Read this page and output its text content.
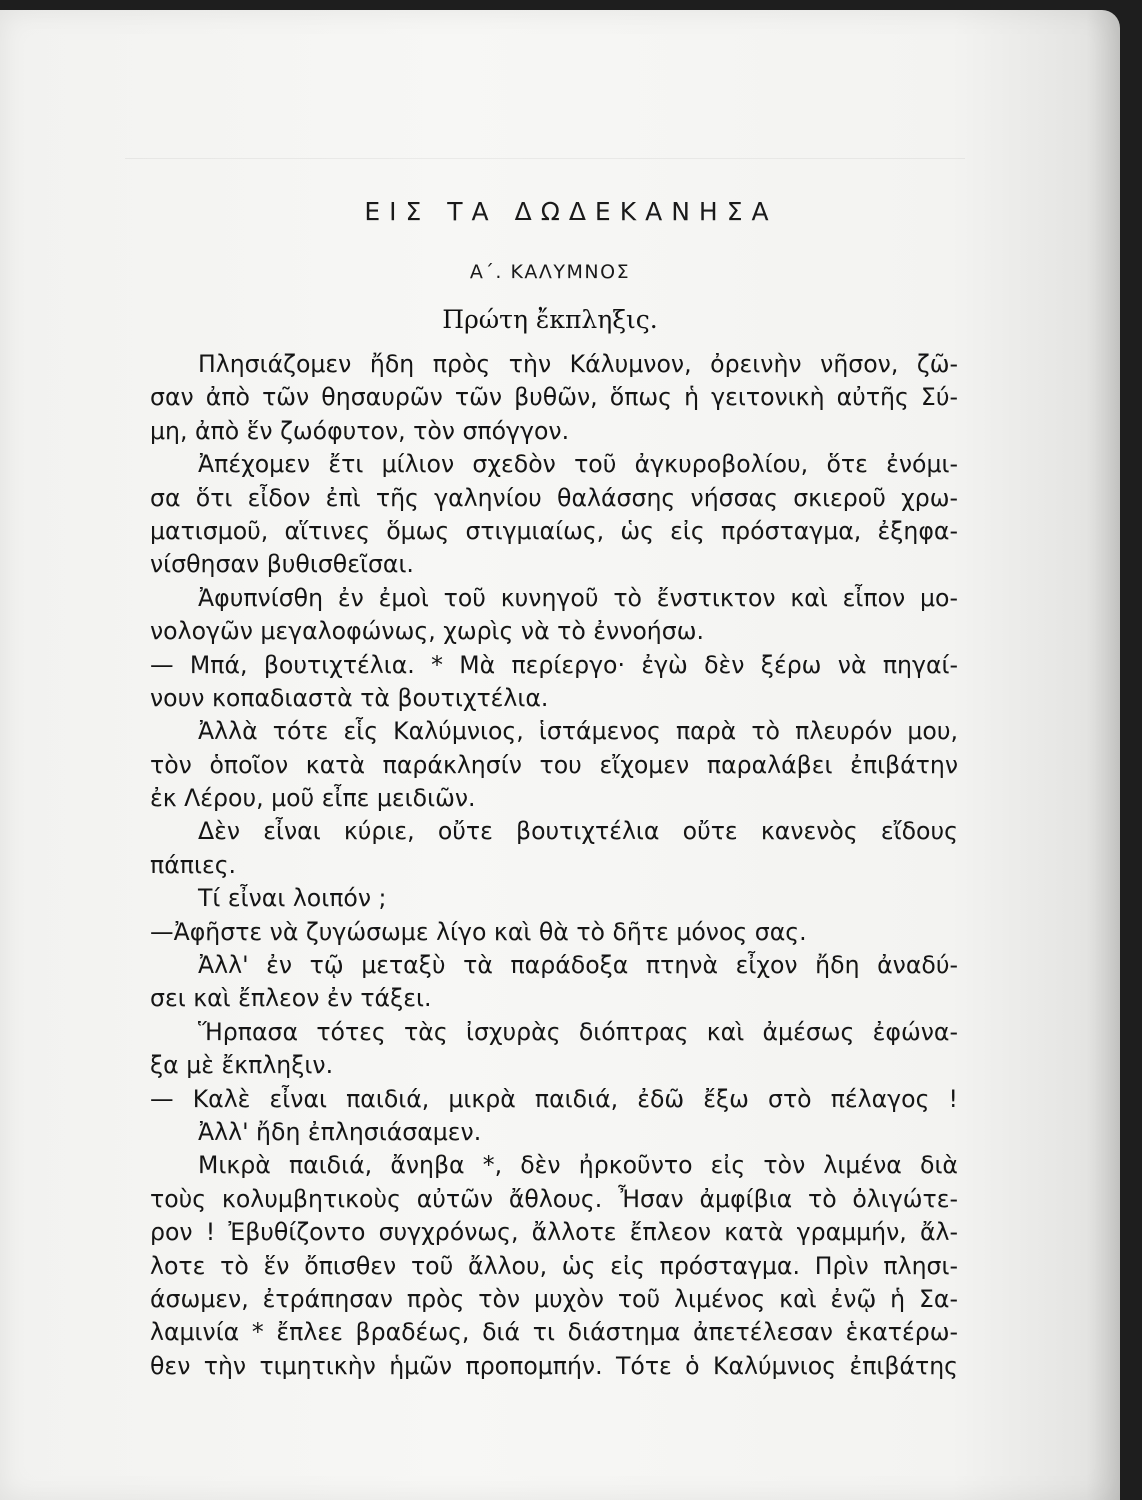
ΕΙΣ ΤΑ ΔΩΔΕΚΑΝΗΣΑ
Α΄. ΚΑΛΥΜΝΟΣ
Πρώτη ἔκπληξις.
Πλησιάζομεν ἤδη πρὸς τὴν Κάλυμνον, ὀρεινὴν νῆσον, ζῶ-
σαν ἀπὸ τῶν θησαυρῶν τῶν βυθῶν, ὅπως ἡ γειτονικὴ αὐτῆς Σύ-
μη, ἀπὸ ἕν ζωόφυτον, τὸν σπόγγον.
Ἀπέχομεν ἔτι μίλιον σχεδὸν τοῦ ἀγκυροβολίου, ὅτε ἐνόμι-
σα ὅτι εἶδον ἐπὶ τῆς γαληνίου θαλάσσης νήσσας σκιεροῦ χρω-
ματισμοῦ, αἵτινες ὅμως στιγμιαίως, ὡς εἰς πρόσταγμα, ἐξηφα-
νίσθησαν βυθισθεῖσαι.
Ἀφυπνίσθη ἐν ἐμοὶ τοῦ κυνηγοῦ τὸ ἔνστικτον καὶ εἶπον μο-
νολογῶν μεγαλοφώνως, χωρὶς νὰ τὸ ἐννοήσω.
— Μπά, βουτιχτέλια. * Μὰ περίεργο· ἐγὼ δὲν ξέρω νὰ πηγαί-
νουν κοπαδιαστὰ τὰ βουτιχτέλια.
Ἀλλὰ τότε εἷς Καλύμνιος, ἱστάμενος παρὰ τὸ πλευρόν μου,
τὸν ὁποῖον κατὰ παράκλησίν του εἴχομεν παραλάβει ἐπιβάτην
ἐκ Λέρου, μοῦ εἶπε μειδιῶν.
Δὲν εἶναι κύριε, οὔτε βουτιχτέλια οὔτε κανενὸς εἴδους
πάπιες.
Τί εἶναι λοιπόν ;
—Ἀφῆστε νὰ ζυγώσωμε λίγο καὶ θὰ τὸ δῆτε μόνος σας.
Ἀλλ' ἐν τῷ μεταξὺ τὰ παράδοξα πτηνὰ εἶχον ἤδη ἀναδύ-
σει καὶ ἔπλεον ἐν τάξει.
Ἥρπασα τότες τὰς ἰσχυρὰς διόπτρας καὶ ἀμέσως ἐφώνα-
ξα μὲ ἔκπληξιν.
— Καλὲ εἶναι παιδιά, μικρὰ παιδιά, ἐδῶ ἔξω στὸ πέλαγος !
Ἀλλ' ἤδη ἐπλησιάσαμεν.
Μικρὰ παιδιά, ἄνηβα *, δὲν ἠρκοῦντο εἰς τὸν λιμένα διὰ
τοὺς κολυμβητικοὺς αὐτῶν ἄθλους. Ἦσαν ἀμφίβια τὸ ὀλιγώτε-
ρον ! Ἐβυθίζοντο συγχρόνως, ἄλλοτε ἔπλεον κατὰ γραμμήν, ἄλ-
λοτε τὸ ἕν ὄπισθεν τοῦ ἄλλου, ὡς εἰς πρόσταγμα. Πρὶν πλησι-
άσωμεν, ἐτράπησαν πρὸς τὸν μυχὸν τοῦ λιμένος καὶ ἐνῷ ἡ Σα-
λαμινία * ἔπλεε βραδέως, διά τι διάστημα ἀπετέλεσαν ἑκατέρω-
θεν τὴν τιμητικὴν ἡμῶν προπομπήν. Τότε ὁ Καλύμνιος ἐπιβάτης
